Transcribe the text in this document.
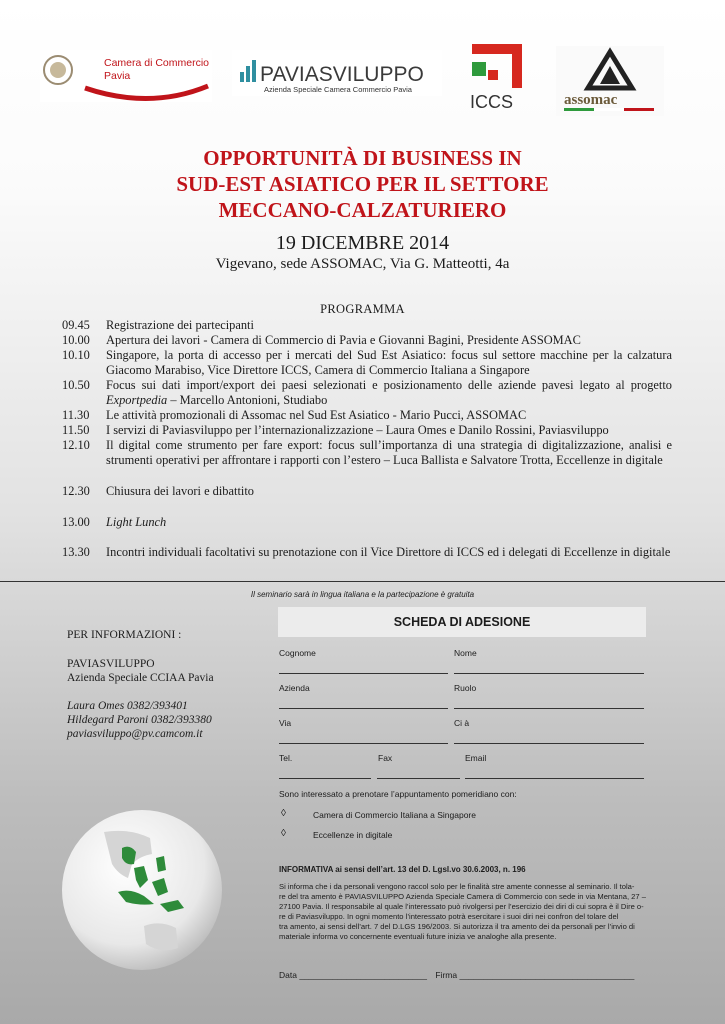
Camera di Commercio
Pavia	PAVIASVILUPPO
Azienda Speciale Camera Commercio Pavia
ICCS	assomac
OPPORTUNITÀ DI BUSINESS IN
SUD-EST ASIATICO PER IL SETTORE
MECCANO-CALZATURIERO
19 DICEMBRE 2014
Vigevano, sede ASSOMAC, Via G. Matteotti, 4a
PROGRAMMA
09.45	Registrazione dei partecipanti
10.00	Apertura dei lavori - Camera di Commercio di Pavia e Giovanni Bagini, Presidente ASSOMAC
10.10	Singapore, la porta di accesso per i mercati del Sud Est Asiatico: focus sul settore macchine per la calzatura Giacomo Marabiso, Vice Direttore ICCS, Camera di Commercio Italiana a Singapore
10.50	Focus sui dati import/export dei paesi selezionati e posizionamento delle aziende pavesi legato al progetto Exportpedia – Marcello Antonioni, Studiabo
11.30	Le attività promozionali di Assomac nel Sud Est Asiatico - Mario Pucci, ASSOMAC
11.50	I servizi di Paviasviluppo per l’internazionalizzazione – Laura Omes e Danilo Rossini, Paviasviluppo
12.10	Il digital come strumento per fare export: focus sull’importanza di una strategia di digitalizzazione, analisi e strumenti operativi per affrontare i rapporti con l’estero – Luca Ballista e Salvatore Trotta, Eccellenze in digitale
12.30	Chiusura dei lavori e dibattito
13.00	Light Lunch
13.30	Incontri individuali facoltativi su prenotazione con il Vice Direttore di ICCS ed i delegati di Eccellenze in digitale
Il seminario sarà in lingua italiana e la partecipazione è gratuita
PER INFORMAZIONI :
PAVIASVILUPPO
Azienda Speciale CCIAA Pavia
Laura Omes 0382/393401
Hildegard Paroni 0382/393380
paviasviluppo@pv.camcom.it
SCHEDA DI ADESIONE
Cognome	Nome
Azienda	Ruolo
Via	Ci à
Tel.	Fax	Email
Sono interessato a prenotare l’appuntamento pomeridiano con:
◊	Camera di Commercio Italiana a Singapore
◊	Eccellenze in digitale
INFORMATIVA ai sensi dell’art. 13 del D. Lgsl.vo 30.6.2003, n. 196
Si informa che i da personali vengono raccol solo per le finalità stre amente connesse al seminario. Il tola-
re del tra amento è PAVIASVILUPPO Azienda Speciale Camera di Commercio con sede in via Mentana, 27 –
27100 Pavia. Il responsabile al quale l’interessato può rivolgersi per l’esercizio dei diri di cui sopra è il Dire o-
re di Paviasviluppo. In ogni momento l’interessato potrà esercitare i suoi diri nei confron del tolare del
tra amento, ai sensi dell’art. 7 del D.LGS 196/2003. Si autorizza il tra amento dei da personali per l’invio di
materiale informa vo concernente eventuali future inizia ve analoghe alla presente.
Data ___________________________ Firma _____________________________________
